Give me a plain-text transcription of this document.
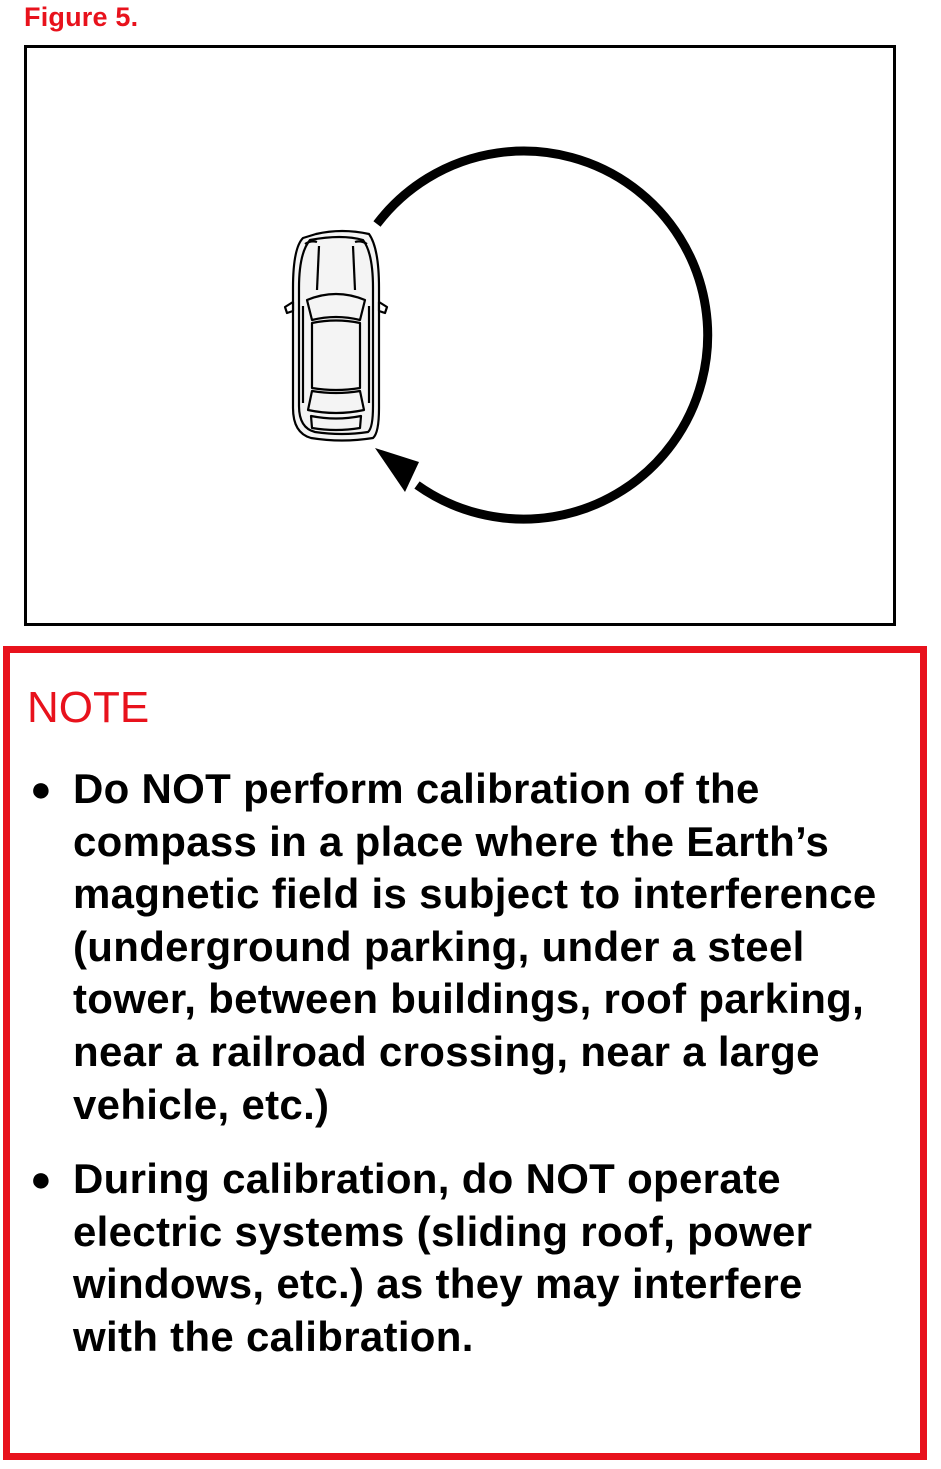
Figure 5.
NOTE
● Do NOT perform calibration of the compass in a place where the Earth’s magnetic field is subject to interference (underground parking, under a steel tower, between buildings, roof parking, near a railroad crossing, near a large vehicle, etc.)
● During calibration, do NOT operate electric systems (sliding roof, power windows, etc.) as they may interfere with the calibration.
